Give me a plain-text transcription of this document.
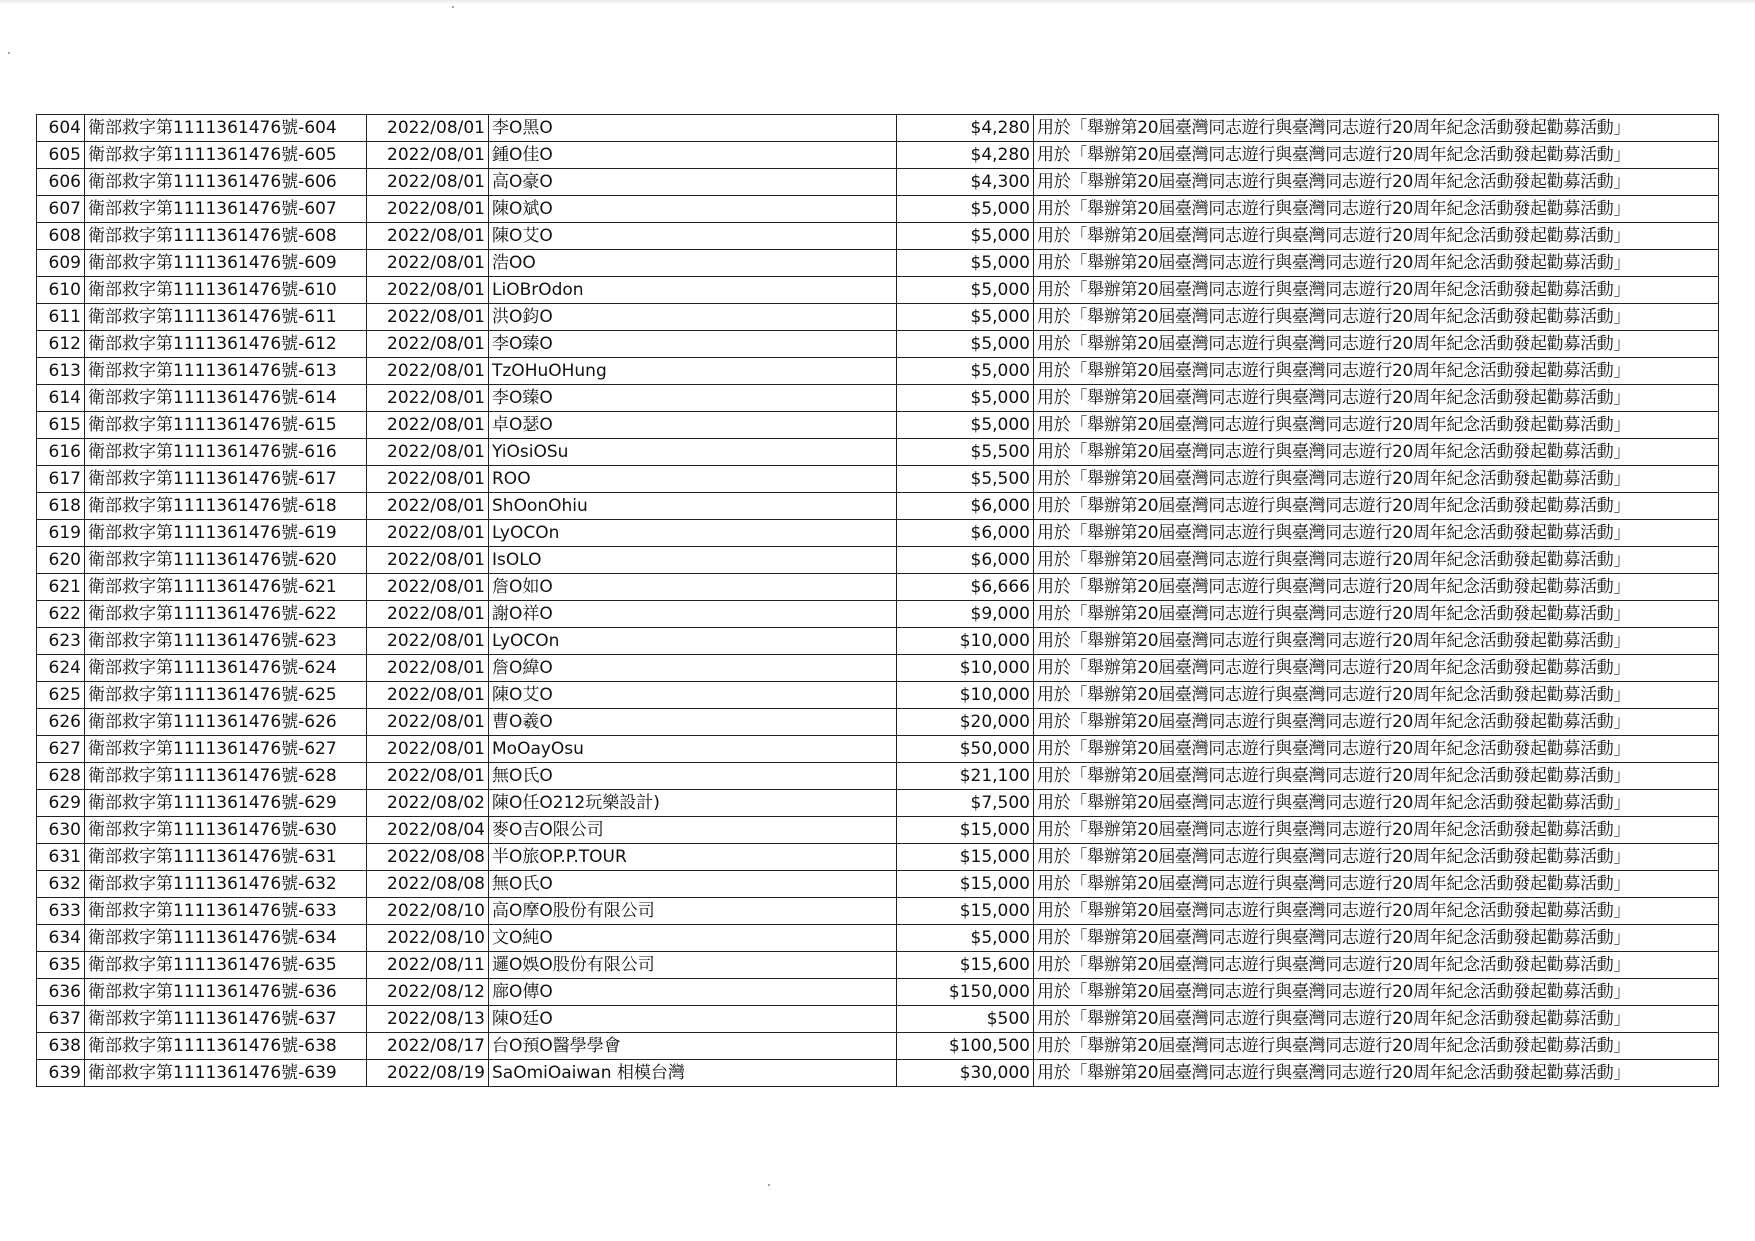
604	衛部救字第1111361476號-604	2022/08/01	李O黑O	$4,280	用於「舉辦第20屆臺灣同志遊行與臺灣同志遊行20周年紀念活動發起勸募活動」
605	衛部救字第1111361476號-605	2022/08/01	鍾O佳O	$4,280	用於「舉辦第20屆臺灣同志遊行與臺灣同志遊行20周年紀念活動發起勸募活動」
606	衛部救字第1111361476號-606	2022/08/01	高O豪O	$4,300	用於「舉辦第20屆臺灣同志遊行與臺灣同志遊行20周年紀念活動發起勸募活動」
607	衛部救字第1111361476號-607	2022/08/01	陳O斌O	$5,000	用於「舉辦第20屆臺灣同志遊行與臺灣同志遊行20周年紀念活動發起勸募活動」
608	衛部救字第1111361476號-608	2022/08/01	陳O艾O	$5,000	用於「舉辦第20屆臺灣同志遊行與臺灣同志遊行20周年紀念活動發起勸募活動」
609	衛部救字第1111361476號-609	2022/08/01	浩OO	$5,000	用於「舉辦第20屆臺灣同志遊行與臺灣同志遊行20周年紀念活動發起勸募活動」
610	衛部救字第1111361476號-610	2022/08/01	LiOBrOdon	$5,000	用於「舉辦第20屆臺灣同志遊行與臺灣同志遊行20周年紀念活動發起勸募活動」
611	衛部救字第1111361476號-611	2022/08/01	洪O鈞O	$5,000	用於「舉辦第20屆臺灣同志遊行與臺灣同志遊行20周年紀念活動發起勸募活動」
612	衛部救字第1111361476號-612	2022/08/01	李O臻O	$5,000	用於「舉辦第20屆臺灣同志遊行與臺灣同志遊行20周年紀念活動發起勸募活動」
613	衛部救字第1111361476號-613	2022/08/01	TzOHuOHung	$5,000	用於「舉辦第20屆臺灣同志遊行與臺灣同志遊行20周年紀念活動發起勸募活動」
614	衛部救字第1111361476號-614	2022/08/01	李O臻O	$5,000	用於「舉辦第20屆臺灣同志遊行與臺灣同志遊行20周年紀念活動發起勸募活動」
615	衛部救字第1111361476號-615	2022/08/01	卓O瑟O	$5,000	用於「舉辦第20屆臺灣同志遊行與臺灣同志遊行20周年紀念活動發起勸募活動」
616	衛部救字第1111361476號-616	2022/08/01	YiOsiOSu	$5,500	用於「舉辦第20屆臺灣同志遊行與臺灣同志遊行20周年紀念活動發起勸募活動」
617	衛部救字第1111361476號-617	2022/08/01	ROO	$5,500	用於「舉辦第20屆臺灣同志遊行與臺灣同志遊行20周年紀念活動發起勸募活動」
618	衛部救字第1111361476號-618	2022/08/01	ShOonOhiu	$6,000	用於「舉辦第20屆臺灣同志遊行與臺灣同志遊行20周年紀念活動發起勸募活動」
619	衛部救字第1111361476號-619	2022/08/01	LyOCOn	$6,000	用於「舉辦第20屆臺灣同志遊行與臺灣同志遊行20周年紀念活動發起勸募活動」
620	衛部救字第1111361476號-620	2022/08/01	IsOLO	$6,000	用於「舉辦第20屆臺灣同志遊行與臺灣同志遊行20周年紀念活動發起勸募活動」
621	衛部救字第1111361476號-621	2022/08/01	詹O如O	$6,666	用於「舉辦第20屆臺灣同志遊行與臺灣同志遊行20周年紀念活動發起勸募活動」
622	衛部救字第1111361476號-622	2022/08/01	謝O祥O	$9,000	用於「舉辦第20屆臺灣同志遊行與臺灣同志遊行20周年紀念活動發起勸募活動」
623	衛部救字第1111361476號-623	2022/08/01	LyOCOn	$10,000	用於「舉辦第20屆臺灣同志遊行與臺灣同志遊行20周年紀念活動發起勸募活動」
624	衛部救字第1111361476號-624	2022/08/01	詹O緯O	$10,000	用於「舉辦第20屆臺灣同志遊行與臺灣同志遊行20周年紀念活動發起勸募活動」
625	衛部救字第1111361476號-625	2022/08/01	陳O艾O	$10,000	用於「舉辦第20屆臺灣同志遊行與臺灣同志遊行20周年紀念活動發起勸募活動」
626	衛部救字第1111361476號-626	2022/08/01	曹O羲O	$20,000	用於「舉辦第20屆臺灣同志遊行與臺灣同志遊行20周年紀念活動發起勸募活動」
627	衛部救字第1111361476號-627	2022/08/01	MoOayOsu	$50,000	用於「舉辦第20屆臺灣同志遊行與臺灣同志遊行20周年紀念活動發起勸募活動」
628	衛部救字第1111361476號-628	2022/08/01	無O氏O	$21,100	用於「舉辦第20屆臺灣同志遊行與臺灣同志遊行20周年紀念活動發起勸募活動」
629	衛部救字第1111361476號-629	2022/08/02	陳O任O212玩樂設計)	$7,500	用於「舉辦第20屆臺灣同志遊行與臺灣同志遊行20周年紀念活動發起勸募活動」
630	衛部救字第1111361476號-630	2022/08/04	麥O吉O限公司	$15,000	用於「舉辦第20屆臺灣同志遊行與臺灣同志遊行20周年紀念活動發起勸募活動」
631	衛部救字第1111361476號-631	2022/08/08	半O旅OP.P.TOUR	$15,000	用於「舉辦第20屆臺灣同志遊行與臺灣同志遊行20周年紀念活動發起勸募活動」
632	衛部救字第1111361476號-632	2022/08/08	無O氏O	$15,000	用於「舉辦第20屆臺灣同志遊行與臺灣同志遊行20周年紀念活動發起勸募活動」
633	衛部救字第1111361476號-633	2022/08/10	高O摩O股份有限公司	$15,000	用於「舉辦第20屆臺灣同志遊行與臺灣同志遊行20周年紀念活動發起勸募活動」
634	衛部救字第1111361476號-634	2022/08/10	文O純O	$5,000	用於「舉辦第20屆臺灣同志遊行與臺灣同志遊行20周年紀念活動發起勸募活動」
635	衛部救字第1111361476號-635	2022/08/11	邏O娛O股份有限公司	$15,600	用於「舉辦第20屆臺灣同志遊行與臺灣同志遊行20周年紀念活動發起勸募活動」
636	衛部救字第1111361476號-636	2022/08/12	廍O傳O	$150,000	用於「舉辦第20屆臺灣同志遊行與臺灣同志遊行20周年紀念活動發起勸募活動」
637	衛部救字第1111361476號-637	2022/08/13	陳O廷O	$500	用於「舉辦第20屆臺灣同志遊行與臺灣同志遊行20周年紀念活動發起勸募活動」
638	衛部救字第1111361476號-638	2022/08/17	台O預O醫學學會	$100,500	用於「舉辦第20屆臺灣同志遊行與臺灣同志遊行20周年紀念活動發起勸募活動」
639	衛部救字第1111361476號-639	2022/08/19	SaOmiOaiwan 相模台灣	$30,000	用於「舉辦第20屆臺灣同志遊行與臺灣同志遊行20周年紀念活動發起勸募活動」
